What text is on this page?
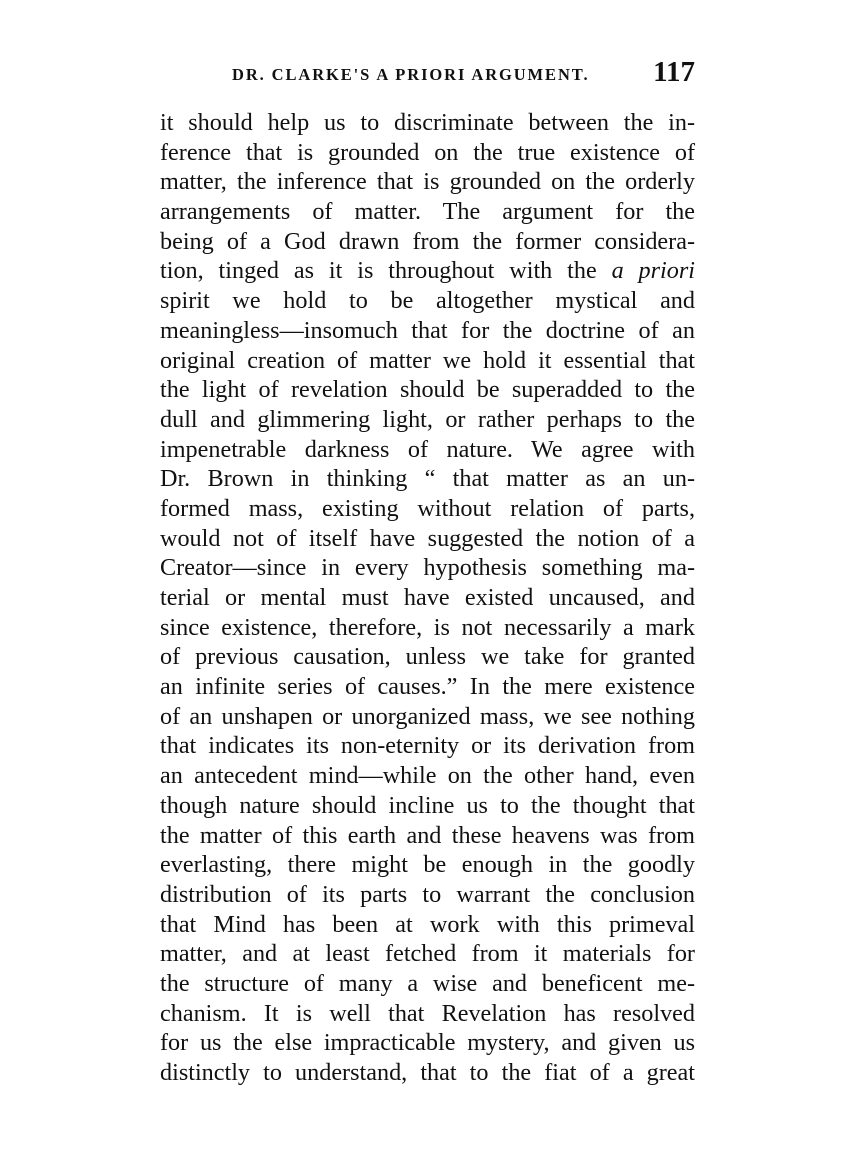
DR. CLARKE'S A PRIORI ARGUMENT. 117
it should help us to discriminate between the in-
ference that is grounded on the true existence of
matter, the inference that is grounded on the orderly
arrangements of matter. The argument for the
being of a God drawn from the former considera-
tion, tinged as it is throughout with the a priori
spirit we hold to be altogether mystical and
meaningless—insomuch that for the doctrine of an
original creation of matter we hold it essential that
the light of revelation should be superadded to the
dull and glimmering light, or rather perhaps to the
impenetrable darkness of nature. We agree with
Dr. Brown in thinking “ that matter as an un-
formed mass, existing without relation of parts,
would not of itself have suggested the notion of a
Creator—since in every hypothesis something ma-
terial or mental must have existed uncaused, and
since existence, therefore, is not necessarily a mark
of previous causation, unless we take for granted
an infinite series of causes.” In the mere existence
of an unshapen or unorganized mass, we see nothing
that indicates its non-eternity or its derivation from
an antecedent mind—while on the other hand, even
though nature should incline us to the thought that
the matter of this earth and these heavens was from
everlasting, there might be enough in the goodly
distribution of its parts to warrant the conclusion
that Mind has been at work with this primeval
matter, and at least fetched from it materials for
the structure of many a wise and beneficent me-
chanism. It is well that Revelation has resolved
for us the else impracticable mystery, and given us
distinctly to understand, that to the fiat of a great
